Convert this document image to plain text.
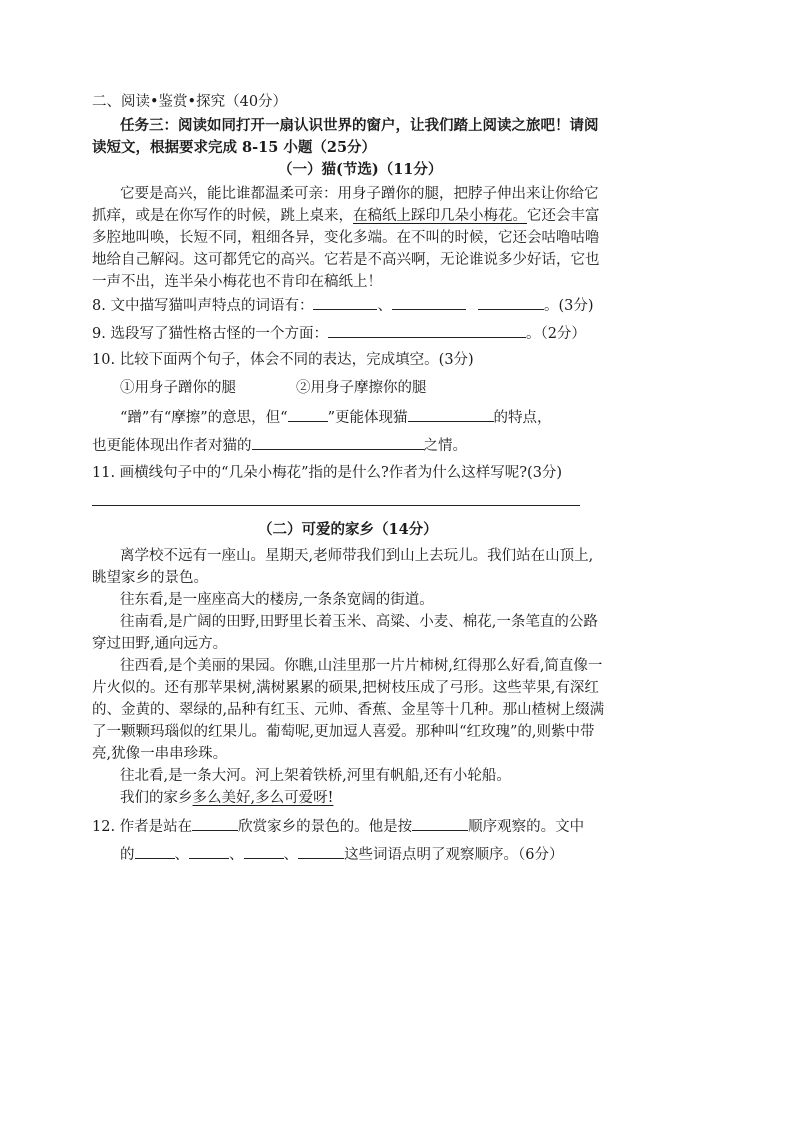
二、阅读•鉴赏•探究（40分）
任务三：阅读如同打开一扇认识世界的窗户，让我们踏上阅读之旅吧！请阅
读短文，根据要求完成 8-15 小题（25分）
（一）猫(节选)（11分）
它要是高兴，能比谁都温柔可亲：用身子蹭你的腿，把脖子伸出来让你给它
抓痒，或是在你写作的时候，跳上桌来，在稿纸上踩印几朵小梅花。它还会丰富
多腔地叫唤，长短不同，粗细各异，变化多端。在不叫的时候，它还会咕噜咕噜
地给自己解闷。这可都凭它的高兴。它若是不高兴啊，无论谁说多少好话，它也
一声不出，连半朵小梅花也不肯印在稿纸上！
8. 文中描写猫叫声特点的词语有：	、	。(3分)
9. 选段写了猫性格古怪的一个方面：	。（2分）
10. 比较下面两个句子，体会不同的表达，完成填空。(3分)
①用身子蹭你的腿	②用身子摩擦你的腿
“蹭”有“摩擦”的意思，但“	”更能体现猫	的特点，
也更能体现出作者对猫的	之情。
11. 画横线句子中的“几朵小梅花”指的是什么?作者为什么这样写呢?(3分)
（二）可爱的家乡（14分）
离学校不远有一座山。星期天,老师带我们到山上去玩儿。我们站在山顶上,
眺望家乡的景色。
往东看,是一座座高大的楼房,一条条宽阔的街道。
往南看,是广阔的田野,田野里长着玉米、高粱、小麦、棉花,一条笔直的公路
穿过田野,通向远方。
往西看,是个美丽的果园。你瞧,山洼里那一片片柿树,红得那么好看,简直像一
片火似的。还有那苹果树,满树累累的硕果,把树枝压成了弓形。这些苹果,有深红
的、金黄的、翠绿的,品种有红玉、元帅、香蕉、金星等十几种。那山楂树上缀满
了一颗颗玛瑙似的红果儿。葡萄呢,更加逗人喜爱。那种叫“红玫瑰”的,则紫中带
亮,犹像一串串珍珠。
往北看,是一条大河。河上架着铁桥,河里有帆船,还有小轮船。
我们的家乡多么美好,多么可爱呀!
12. 作者是站在	欣赏家乡的景色的。他是按	顺序观察的。文中
的	、	、	、	这些词语点明了观察顺序。（6分）
